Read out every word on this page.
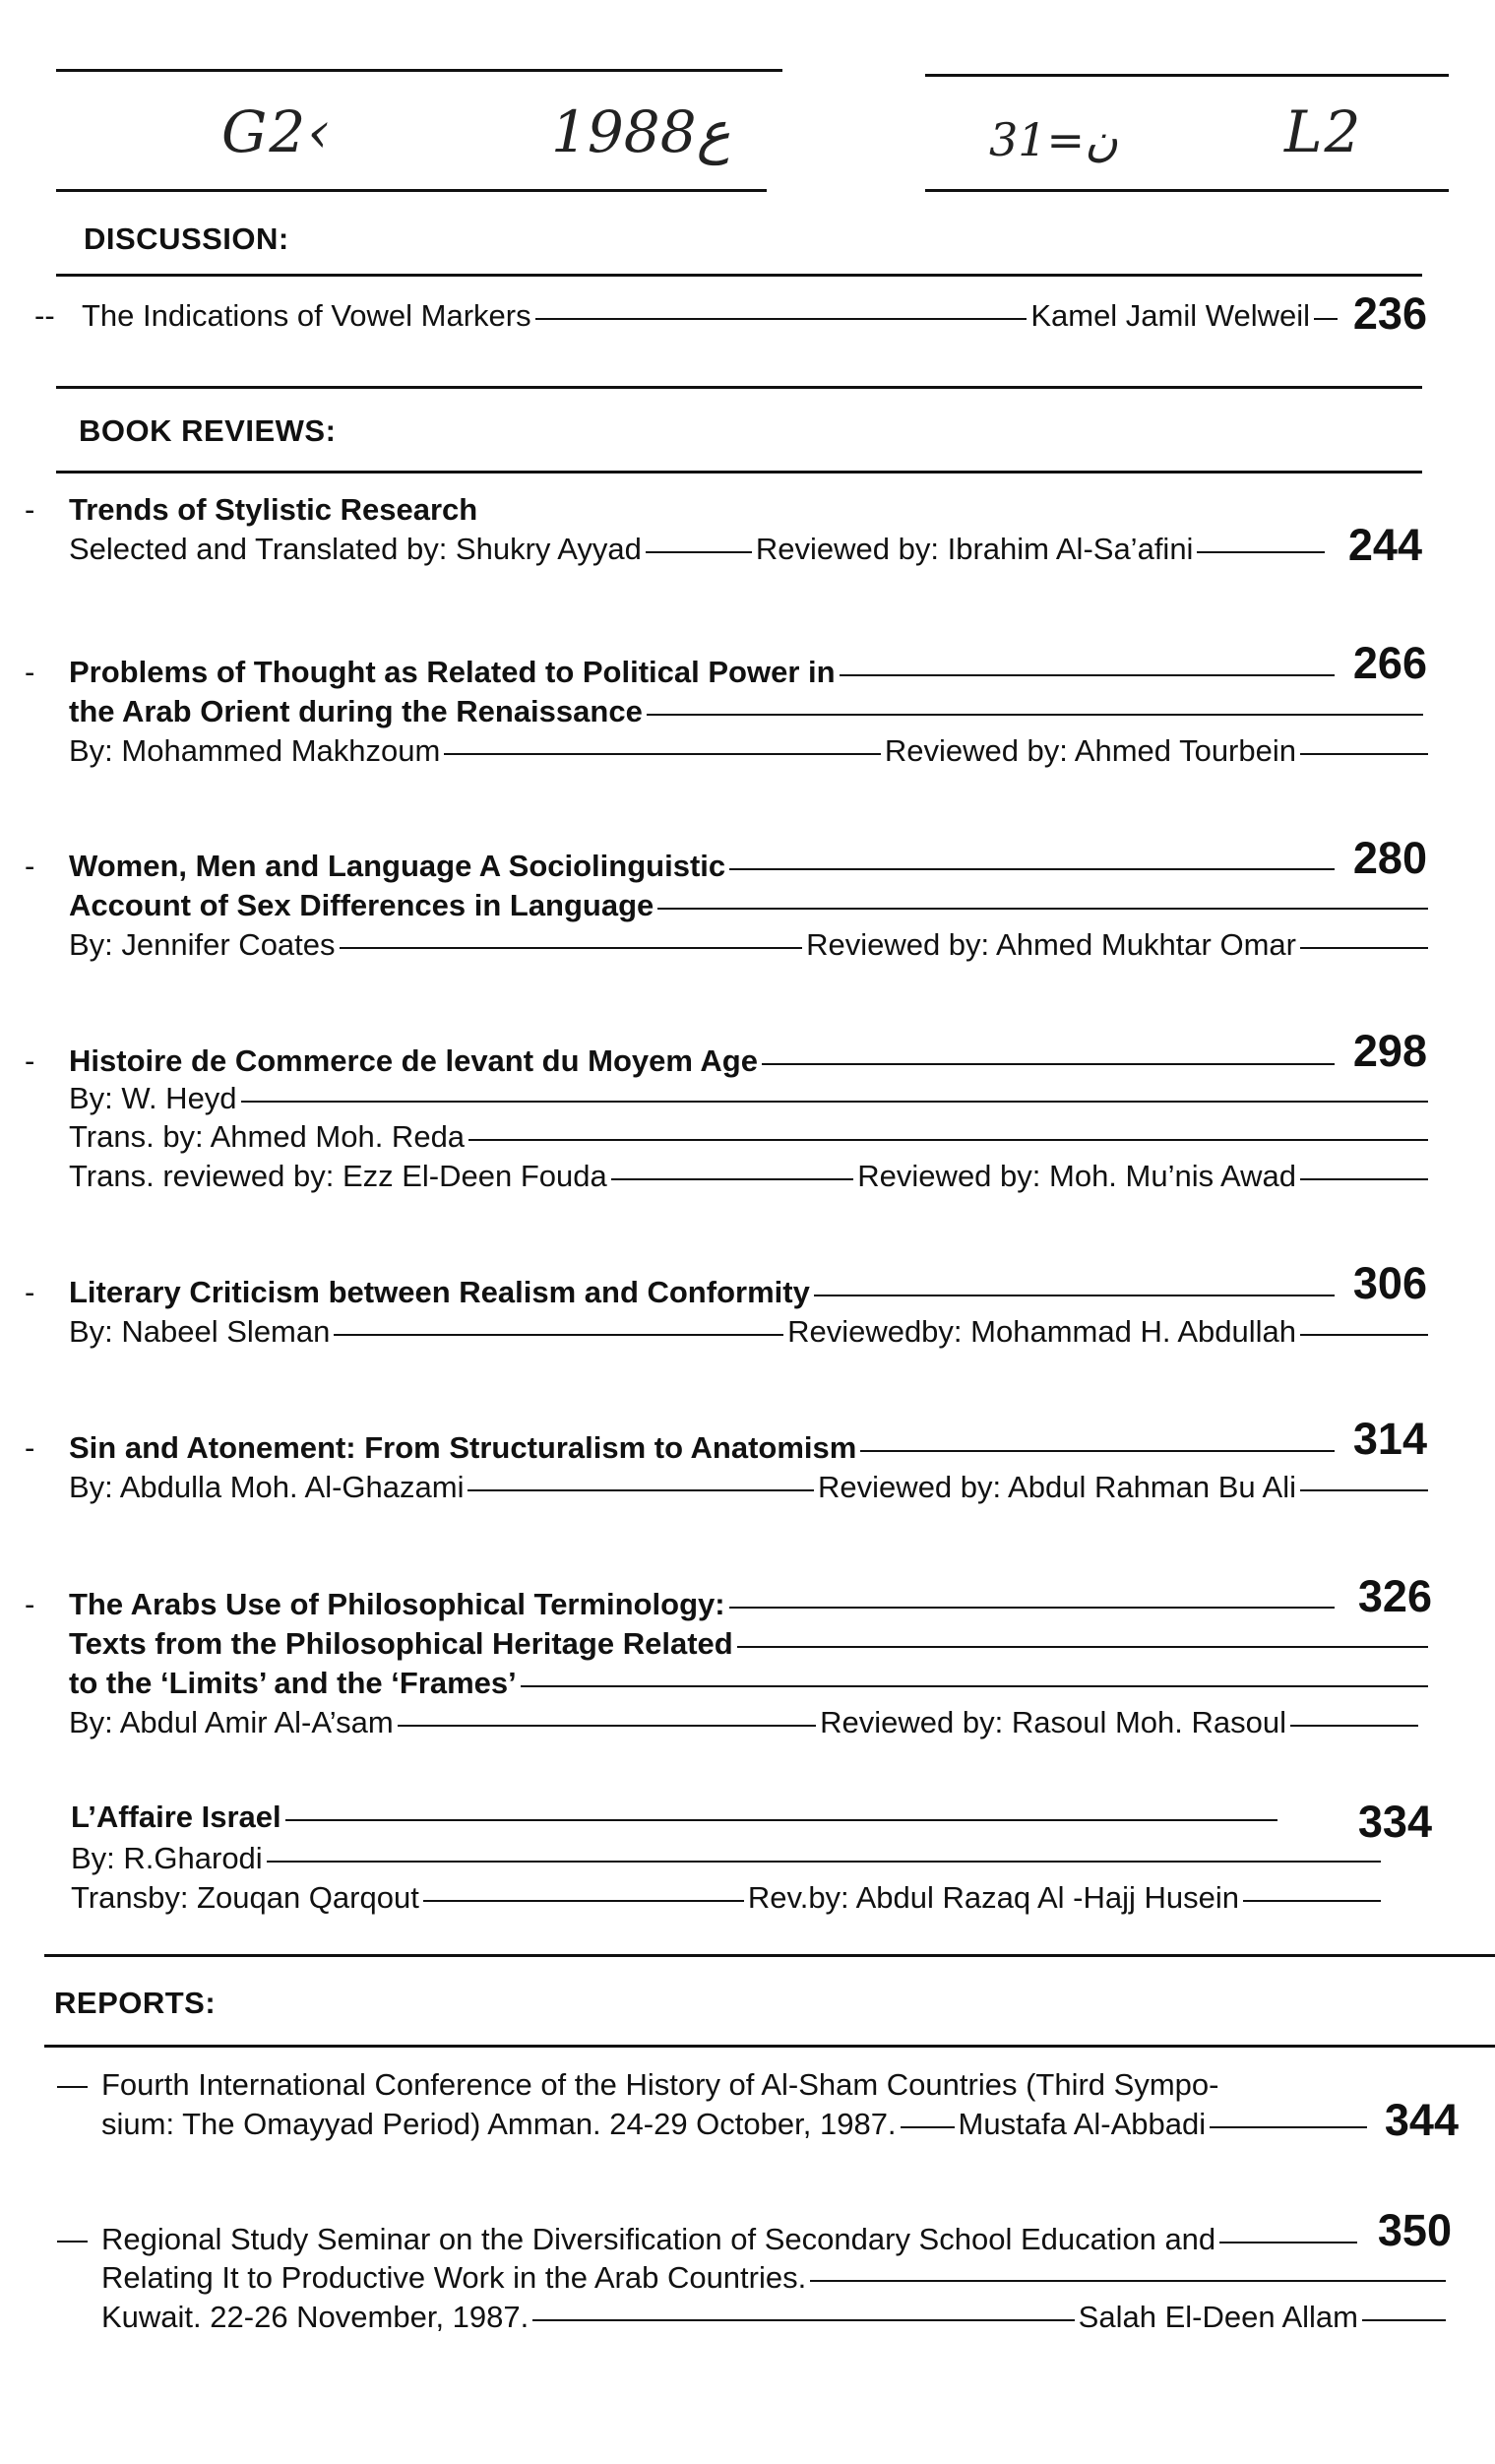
G2‹	ع1988	ن=31	L2
DISCUSSION:
-- The Indications of Vowel Markers	Kamel Jamil Welweil 236
BOOK REVIEWS:
- Trends of Stylistic Research
Selected and Translated by: Shukry Ayyad	Reviewed by: Ibrahim Al-Sa’afini	244
- Problems of Thought as Related to Political Power in	266
the Arab Orient during the Renaissance
By: Mohammed Makhzoum	Reviewed by: Ahmed Tourbein
- Women, Men and Language A Sociolinguistic	280
Account of Sex Differences in Language
By: Jennifer Coates	Reviewed by: Ahmed Mukhtar Omar
- Histoire de Commerce de levant du Moyem Age	298
By: W. Heyd
Trans. by: Ahmed Moh. Reda
Trans. reviewed by: Ezz El-Deen Fouda	Reviewed by: Moh. Mu’nis Awad
- Literary Criticism between Realism and Conformity	306
By: Nabeel Sleman	Reviewedby: Mohammad H. Abdullah
- Sin and Atonement: From Structuralism to Anatomism	314
By: Abdulla Moh. Al-Ghazami	Reviewed by: Abdul Rahman Bu Ali
- The Arabs Use of Philosophical Terminology:	326
Texts from the Philosophical Heritage Related
to the ‘Limits’ and the ‘Frames’
By: Abdul Amir Al-A’sam	Reviewed by: Rasoul Moh. Rasoul
L’Affaire Israel	334
By: R.Gharodi
Transby: Zouqan Qarqout	Rev.by: Abdul Razaq Al -Hajj Husein
REPORTS:
— Fourth International Conference of the History of Al-Sham Countries (Third Sympo-
sium: The Omayyad Period) Amman. 24-29 October, 1987. Mustafa Al-Abbadi	344
— Regional Study Seminar on the Diversification of Secondary School Education and	350
Relating It to Productive Work in the Arab Countries.
Kuwait. 22-26 November, 1987.	Salah El-Deen Allam
